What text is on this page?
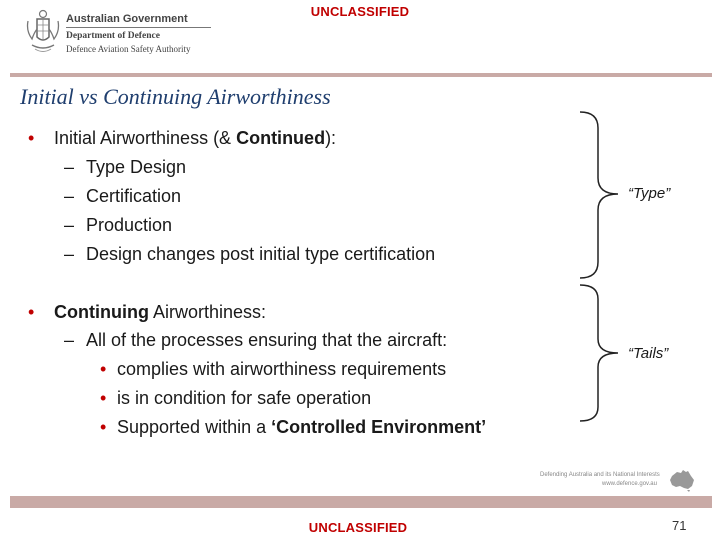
UNCLASSIFIED
Australian Government
Department of Defence
Defence Aviation Safety Authority
Initial vs Continuing Airworthiness
• Initial Airworthiness (& Continued):
– Type Design
– Certification
– Production
– Design changes post initial type certification
• Continuing Airworthiness:
– All of the processes ensuring that the aircraft:
• complies with airworthiness requirements
• is in condition for safe operation
• Supported within a ‘Controlled Environment’
“Type”
“Tails”
Defending Australia and its National Interests
www.defence.gov.au
UNCLASSIFIED	71
